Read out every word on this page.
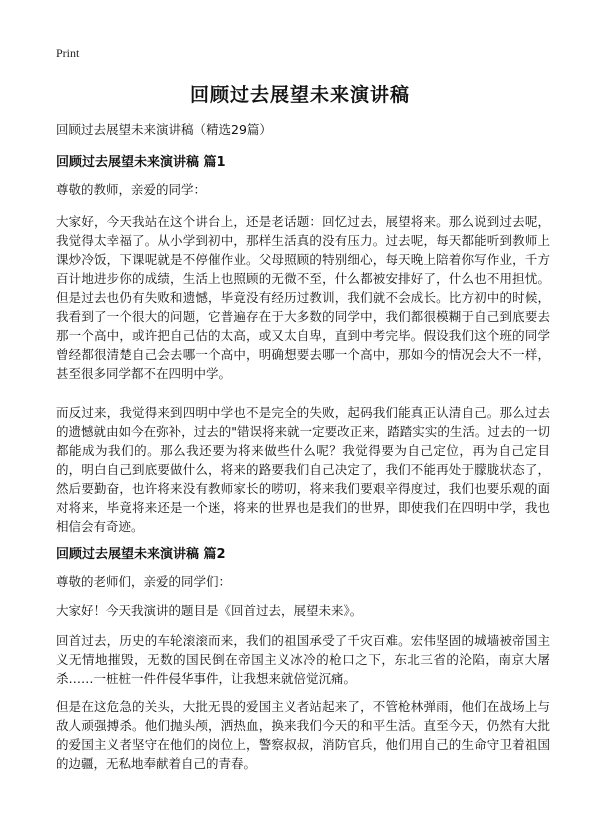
Print
回顾过去展望未来演讲稿
回顾过去展望未来演讲稿（精选29篇）
回顾过去展望未来演讲稿 篇1
尊敬的教师，亲爱的同学：
大家好，今天我站在这个讲台上，还是老话题：回忆过去，展望将来。那么说到过去呢，我觉得太幸福了。从小学到初中，那样生活真的没有压力。过去呢，每天都能听到教师上课炒冷饭，下课呢就是不停催作业。父母照顾的特别细心，每天晚上陪着你写作业，千方百计地进步你的成绩，生活上也照顾的无微不至，什么都被安排好了，什么也不用担忧。但是过去也仍有失败和遗憾，毕竟没有经历过教训，我们就不会成长。比方初中的时候，我看到了一个很大的问题，它普遍存在于大多数的同学中，我们都很模糊于自己到底要去那一个高中，或许把自己估的太高，或又太自卑，直到中考完毕。假设我们这个班的同学曾经都很清楚自己会去哪一个高中，明确想要去哪一个高中，那如今的情况会大不一样，甚至很多同学都不在四明中学。
而反过来，我觉得来到四明中学也不是完全的失败，起码我们能真正认清自己。那么过去的遗憾就由如今在弥补，过去的"错误将来就一定要改正来，踏踏实实的生活。过去的一切都能成为我们的。那么我还要为将来做些什么呢？我觉得要为自己定位，再为自己定目的，明白自己到底要做什么，将来的路要我们自己决定了，我们不能再处于朦胧状态了，然后要勤奋，也许将来没有教师家长的唠叨，将来我们要艰辛得度过，我们也要乐观的面对将来，毕竟将来还是一个迷，将来的世界也是我们的世界，即使我们在四明中学，我也相信会有奇迹。
回顾过去展望未来演讲稿 篇2
尊敬的老师们，亲爱的同学们：
大家好！今天我演讲的题目是《回首过去，展望未来》。
回首过去，历史的车轮滚滚而来，我们的祖国承受了千灾百难。宏伟坚固的城墙被帝国主义无情地摧毁，无数的国民倒在帝国主义冰冷的枪口之下，东北三省的沦陷，南京大屠杀……一桩桩一件件侵华事件，让我想来就倍觉沉痛。
但是在这危急的关头，大批无畏的爱国主义者站起来了，不管枪林弹雨，他们在战场上与敌人顽强搏杀。他们抛头颅，洒热血，换来我们今天的和平生活。直至今天，仍然有大批的爱国主义者坚守在他们的岗位上，警察叔叔，消防官兵，他们用自己的生命守卫着祖国的边疆，无私地奉献着自己的青春。
